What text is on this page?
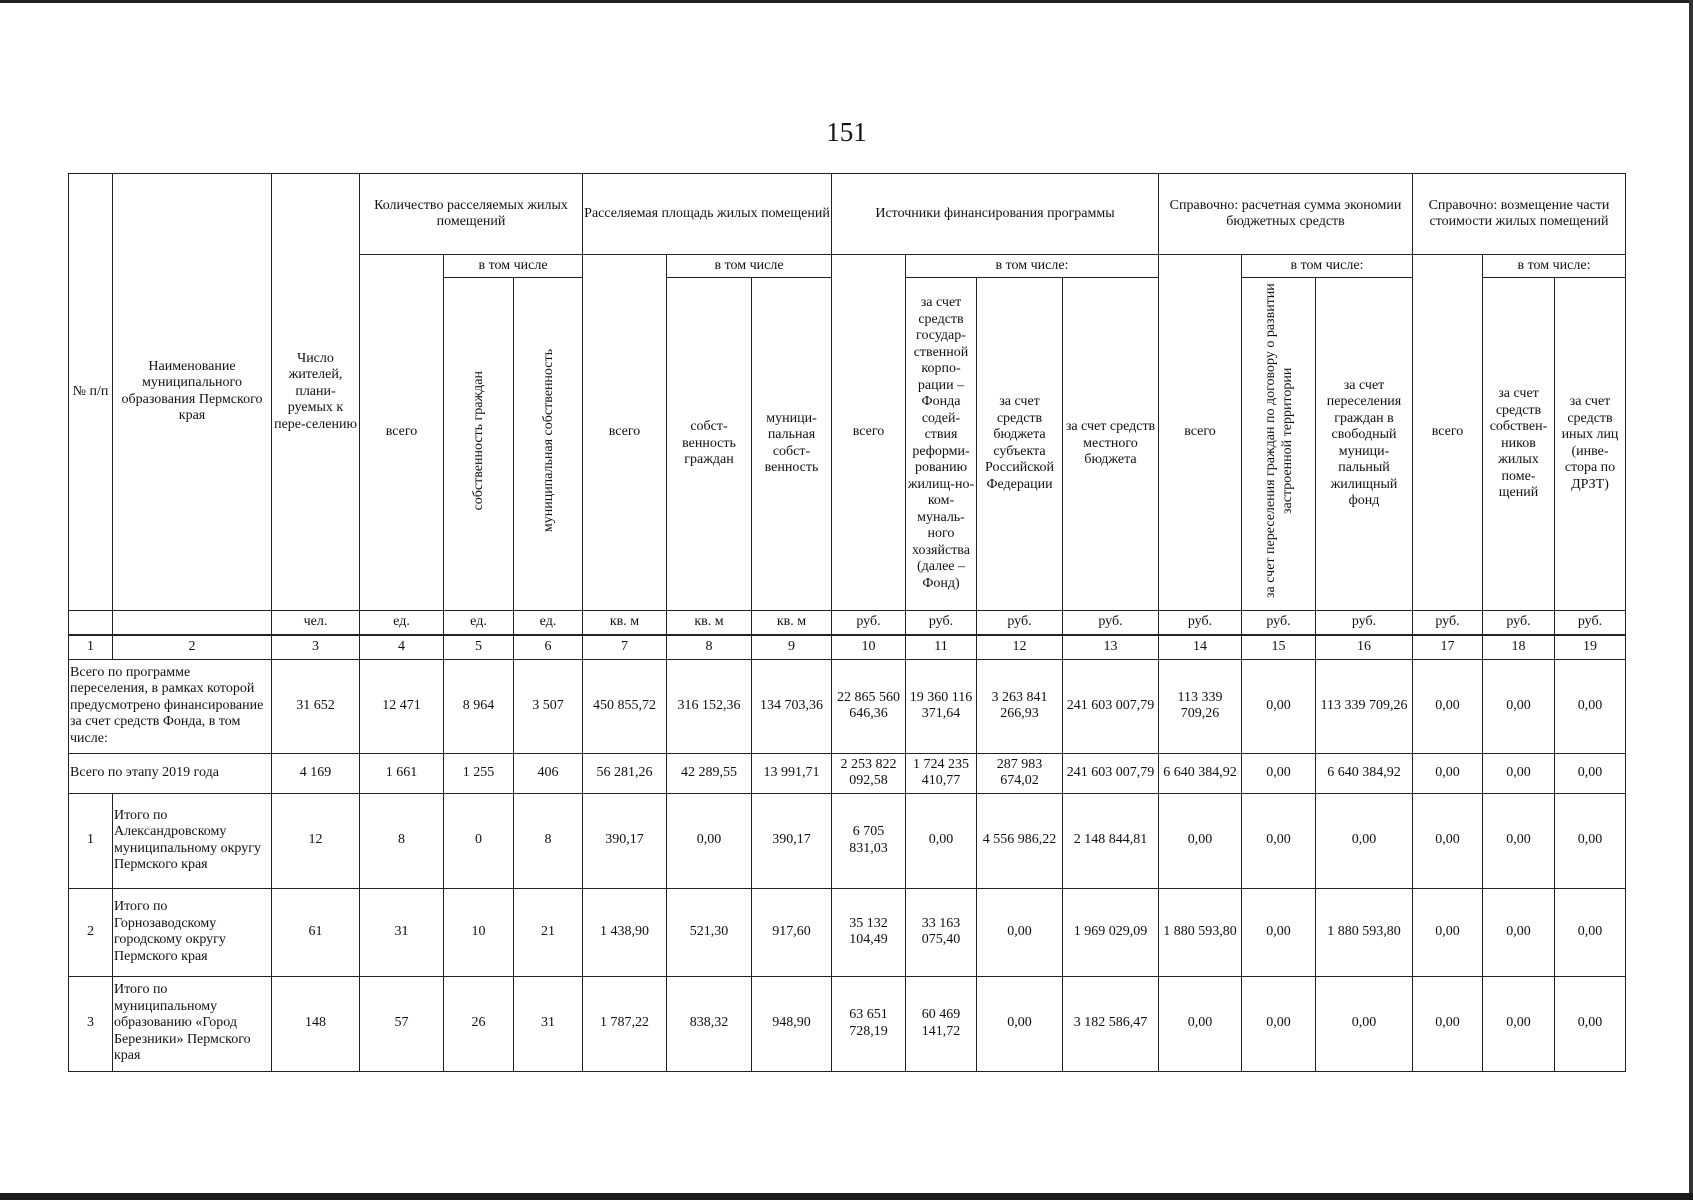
151
№ п/п	Наименование муниципального образования Пермского края	Число жителей, плани-руемых к пере-селению	Количество расселяемых жилых помещений			Расселяемая площадь жилых помещений			Источники финансирования программы				Справочно: расчетная сумма экономии бюджетных средств			Справочно: возмещение части стоимости жилых помещений		
			всего	в том числе		всего	в том числе		всего	в том числе:			всего	в том числе:		всего	в том числе:	
				собственность граждан	муниципальная собственность		собст-венность граждан	муници-пальная собст-венность		за счет средств государ-ственной корпо-рации – Фонда содей-ствия реформи-рованию жилищ-но-ком-муналь-ного хозяйства (далее – Фонд)	за счет средств бюджета субъекта Российской Федерации	за счет средств местного бюджета		за счет переселения граждан по договору о развитии застроенной территории	за счет переселения граждан в свободный муници-пальный жилищный фонд		за счет средств собствен-ников жилых поме-щений	за счет средств иных лиц (инве-стора по ДРЗТ)
		чел.	ед.	ед.	ед.	кв. м	кв. м	кв. м	руб.	руб.	руб.	руб.	руб.	руб.	руб.	руб.	руб.	руб.
1	2	3	4	5	6	7	8	9	10	11	12	13	14	15	16	17	18	19
Всего по программе переселения, в рамках которой предусмотрено финансирование за счет средств Фонда, в том числе:		31 652	12 471	8 964	3 507	450 855,72	316 152,36	134 703,36	22 865 560 646,36	19 360 116 371,64	3 263 841 266,93	241 603 007,79	113 339 709,26	0,00	113 339 709,26	0,00	0,00	0,00
Всего по этапу 2019 года		4 169	1 661	1 255	406	56 281,26	42 289,55	13 991,71	2 253 822 092,58	1 724 235 410,77	287 983 674,02	241 603 007,79	6 640 384,92	0,00	6 640 384,92	0,00	0,00	0,00
1	Итого по Александровскому муниципальному округу Пермского края	12	8	0	8	390,17	0,00	390,17	6 705 831,03	0,00	4 556 986,22	2 148 844,81	0,00	0,00	0,00	0,00	0,00	0,00
2	Итого по Горнозаводскому городскому округу Пермского края	61	31	10	21	1 438,90	521,30	917,60	35 132 104,49	33 163 075,40	0,00	1 969 029,09	1 880 593,80	0,00	1 880 593,80	0,00	0,00	0,00
3	Итого по муниципальному образованию «Город Березники» Пермского края	148	57	26	31	1 787,22	838,32	948,90	63 651 728,19	60 469 141,72	0,00	3 182 586,47	0,00	0,00	0,00	0,00	0,00	0,00
